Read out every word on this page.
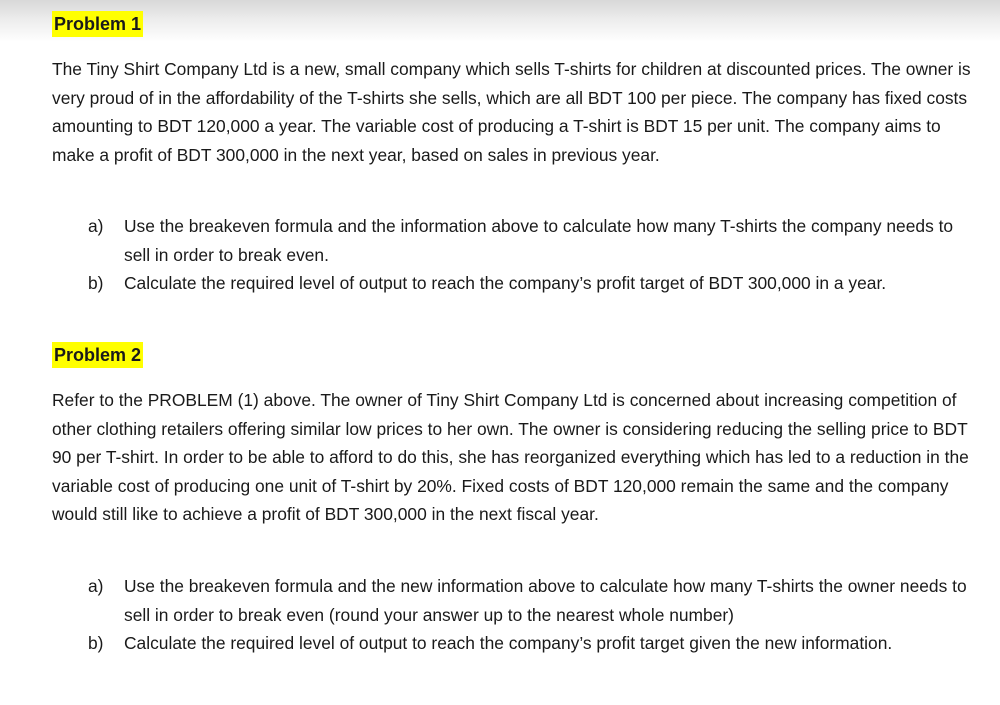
Problem 1

The Tiny Shirt Company Ltd is a new, small company which sells T-shirts for children at discounted prices. The owner is very proud of in the affordability of the T-shirts she sells, which are all BDT 100 per piece. The company has fixed costs amounting to BDT 120,000 a year. The variable cost of producing a T-shirt is BDT 15 per unit. The company aims to make a profit of BDT 300,000 in the next year, based on sales in previous year.

a)	Use the breakeven formula and the information above to calculate how many T-shirts the company needs to sell in order to break even.
b)	Calculate the required level of output to reach the company’s profit target of BDT 300,000 in a year.
Problem 2

Refer to the PROBLEM (1) above. The owner of Tiny Shirt Company Ltd is concerned about increasing competition of other clothing retailers offering similar low prices to her own. The owner is considering reducing the selling price to BDT 90 per T-shirt. In order to be able to afford to do this, she has reorganized everything which has led to a reduction in the variable cost of producing one unit of T-shirt by 20%. Fixed costs of BDT 120,000 remain the same and the company would still like to achieve a profit of BDT 300,000 in the next fiscal year.

a)	Use the breakeven formula and the new information above to calculate how many T-shirts the owner needs to sell in order to break even (round your answer up to the nearest whole number)
b)	Calculate the required level of output to reach the company’s profit target given the new information.
